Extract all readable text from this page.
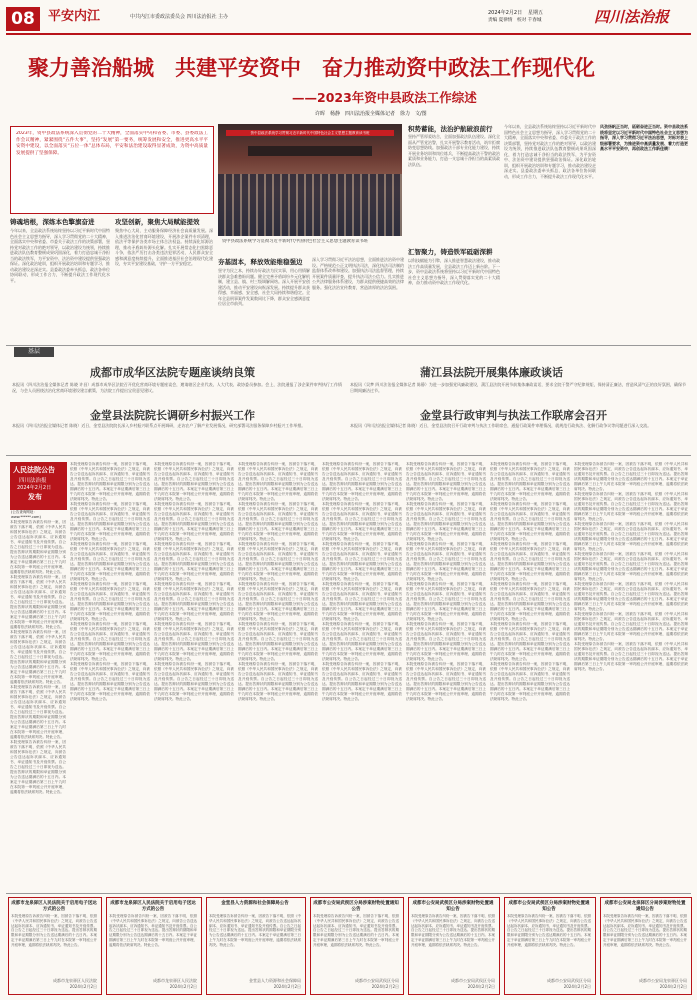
08	平安内江	中共内江市委政法委员会 四川法治报社 主办
2024年2月2日 星期五
责编 夏律情　校对 千春城	四川法治报
聚力善治船城　共建平安资中　奋力推动资中政法工作现代化
——2023年资中县政法工作综述
许晖　杨静　四川法治报全媒体记者　徐力　文/图
2023年，资中县政法系统深入贯彻党的二十大精神，全面落实中央和省委、市委、县委政法工作会议精神，紧紧围绕“五件大事”，坚持“发展”第一要务，统筹发展和安全，推进更高水平平安资中建设，以全面落实“五位一体”总体布局，平安和法治建设取得显著成效，为资中高质量发展提供了坚强保障。
资中县政法系统学习贯彻习近平新时代中国特色社会主义思想主题教育读书班
资中县政法系统学习贯彻习近平新时代中国特色社会主义思想主题教育读书班
铸魂培根，深练本色擎旗奋进
今年以来，全县政法系统始终坚持以习近平新时代中国特色社会主义思想为指导，深入学习贯彻党的二十大精神，全面落实中央和省委、市委关于政法工作的决策部署，坚持党对政法工作的绝对领导，以政治建设为统领，持续推进政法队伍教育整顿成果巩固深化，着力打造忠诚干净担当的政法铁军，为平安资中、法治资中建设提供坚强政治保证。深化政治轮训，组织开展政治培训和专题学习，推动政治建设走深走实。县委政法委牵头抓总，政法各单位协同联动，形成工作合力，不断提升政法工作现代化水平。
攻坚创新，聚焦大局赋能提效
聚焦中心大局，主动服务保障经济社会高质量发展。深入推进法治化营商环境建设，开展涉企案件专项清理，依法平等保护各类市场主体合法权益。持续深化诉源治理，推动矛盾纠纷源头化解。扎实开展常态化扫黑除恶斗争，依法严厉打击各类违法犯罪活动，人民群众安全感和满意度持续提升。全面推进基层社会治理现代化建设，夯实平安建设基础，守护一方平安稳定。	夯基固本，释放效能维稳强边
坚守为民之本，持续办好政法为民实事，用心用情解决群众急难愁盼问题。健全完善矛盾纠纷多元化解机制，建立县、镇、村三级调解网络。深入开展平安创建活动，推动平安建设向纵深发展。持续提升群众获得感、幸福感、安全感，社会大局持续和谐稳定。全年全县刑事案件发案数同比下降，群众安全感满意度位居全市前列。
深入学习贯彻习近平法治思想，全面推进法治资中建设。严格规范公正文明执法司法，深化执法司法制约监督体系改革和建设。加强执法司法监督管理，持续开展案件质量评查，提升执法司法公信力。扎实推进公共法律服务体系建设，为群众提供便捷高效的法律服务。强化法治宣传教育，营造浓厚的法治氛围。
积势蓄能，法治护航破浪前行
坚持严管厚爱结合，全面加强政法队伍建设。深化全面从严管党治警，扎实开展警示教育活动，筑牢拒腐防变思想防线。加强政法干部专业化能力建设，持续开展业务培训和岗位练兵，不断提高政法干警的政治素质和业务能力，打造一支忠诚干净担当的高素质政法队伍。
汇智聚力，铸造铁军砥砺深耕
以科技赋能为引擎，深入推进智慧政法建设，推动政法工作高质量发展，全县政法工作迈上新台阶。下一步，资中县政法系统将坚持以习近平新时代中国特色社会主义思想为指导，深入贯彻落实党的二十大精神，奋力推动资中政法工作现代化。
今年以来，全县政法系统始终坚持以习近平新时代中国特色社会主义思想为指导，深入学习贯彻党的二十大精神，全面落实中央和省委、市委关于政法工作的决策部署，坚持党对政法工作的绝对领导，以政治建设为统领，持续推进政法队伍教育整顿成果巩固深化，着力打造忠诚干净担当的政法铁军，为平安资中、法治资中建设提供坚强政治保证。深化政治轮训，组织开展政治培训和专题学习，推动政治建设走深走实。县委政法委牵头抓总，政法各单位协同联动，形成工作合力，不断提升政法工作现代化水平。
风劲扬帆正当时，砥砺奋进正当时。资中县政法系统将坚定以习近平新时代中国特色社会主义思想为指导，深入学习贯彻习近平法治思想，对标对表上级部署要求，为推进资中高质量发展、着力打造更高水平平安资中，再创政法工作新佳绩！
基层
成都市成华区法院专题座谈纳良策
本报讯（四川法治报全媒体记者 陈晓 许昌）成都市成华区法院召开优化营商环境专题座谈会，邀请辖区企业代表、人大代表、政协委员参加。会上，法院通报了涉企案件审判执行工作情况，与会人员围绕法治化营商环境建设建言献策，为法院工作提出宝贵意见建议。
蒲江县法院开展集体廉政谈话
本报讯（吴梦 四川法治报全媒体记者 陈静）为进一步加强党风廉政建设，蒲江县法院开展节前集体廉政谈话，要求全院干警严守纪律规矩，保持清正廉洁，营造风清气正的良好氛围，确保节日期间廉洁过节。
金堂县法院院长调研乡村振兴工作
本报讯（四川法治报全媒体记者 陈晓）近日，金堂县法院院长深入乡村振兴联系点开展调研，走访农户了解产业发展情况，研究部署司法服务保障乡村振兴工作举措。
金堂县行政审判与执法工作联席会召开
本报讯（四川法治报全媒体记者 陈晓）近日，金堂县法院召开行政审判与执法工作联席会，通报行政案件审理情况，就规范行政执法、化解行政争议等问题进行深入交流。
人民法院公告
四川法治报
2024年2月2日
发布
(公告查询网址：www.******.com)
本院受理原告诉被告纠纷一案，因被告下落不明，依照《中华人民共和国民事诉讼法》之规定，向被告公告送达起诉状副本、应诉通知书、举证通知书及开庭传票。自公告之日起经过三十日即视为送达。提出答辩状的期限和举证期限分别为公告送达期满后的十五日内。本案定于举证期满后第三日上午九时在本院第一审判庭公开开庭审理，逾期将依法缺席判决。特此公告。
本院受理原告诉被告纠纷一案，因被告下落不明，依照《中华人民共和国民事诉讼法》之规定，向被告公告送达起诉状副本、应诉通知书、举证通知书及开庭传票。自公告之日起经过三十日即视为送达。提出答辩状的期限和举证期限分别为公告送达期满后的十五日内。本案定于举证期满后第三日上午九时在本院第一审判庭公开开庭审理，逾期将依法缺席判决。特此公告。
本院受理原告诉被告纠纷一案，因被告下落不明，依照《中华人民共和国民事诉讼法》之规定，向被告公告送达起诉状副本、应诉通知书、举证通知书及开庭传票。自公告之日起经过三十日即视为送达。提出答辩状的期限和举证期限分别为公告送达期满后的十五日内。本案定于举证期满后第三日上午九时在本院第一审判庭公开开庭审理，逾期将依法缺席判决。特此公告。
本院受理原告诉被告纠纷一案，因被告下落不明，依照《中华人民共和国民事诉讼法》之规定，向被告公告送达起诉状副本、应诉通知书、举证通知书及开庭传票。自公告之日起经过三十日即视为送达。提出答辩状的期限和举证期限分别为公告送达期满后的十五日内。本案定于举证期满后第三日上午九时在本院第一审判庭公开开庭审理，逾期将依法缺席判决。特此公告。
本院受理原告诉被告纠纷一案，因被告下落不明，依照《中华人民共和国民事诉讼法》之规定，向被告公告送达起诉状副本、应诉通知书、举证通知书及开庭传票。自公告之日起经过三十日即视为送达。提出答辩状的期限和举证期限分别为公告送达期满后的十五日内。本案定于举证期满后第三日上午九时在本院第一审判庭公开开庭审理，逾期将依法缺席判决。特此公告。
本院受理原告诉被告纠纷一案，因被告下落不明，依照《中华人民共和国民事诉讼法》之规定，向被告公告送达起诉状副本、应诉通知书、举证通知书及开庭传票。自公告之日起经过三十日即视为送达。提出答辩状的期限和举证期限分别为公告送达期满后的十五日内。本案定于举证期满后第三日上午九时在本院第一审判庭公开开庭审理，逾期将依法缺席判决。特此公告。
本院受理原告诉被告纠纷一案，因被告下落不明，依照《中华人民共和国民事诉讼法》之规定，向被告公告送达起诉状副本、应诉通知书、举证通知书及开庭传票。自公告之日起经过三十日即视为送达。提出答辩状的期限和举证期限分别为公告送达期满后的十五日内。本案定于举证期满后第三日上午九时在本院第一审判庭公开开庭审理，逾期将依法缺席判决。特此公告。
本院受理原告诉被告纠纷一案，因被告下落不明，依照《中华人民共和国民事诉讼法》之规定，向被告公告送达起诉状副本、应诉通知书、举证通知书及开庭传票。自公告之日起经过三十日即视为送达。提出答辩状的期限和举证期限分别为公告送达期满后的十五日内。本案定于举证期满后第三日上午九时在本院第一审判庭公开开庭审理，逾期将依法缺席判决。特此公告。
本院受理原告诉被告纠纷一案，因被告下落不明，依照《中华人民共和国民事诉讼法》之规定，向被告公告送达起诉状副本、应诉通知书、举证通知书及开庭传票。自公告之日起经过三十日即视为送达。提出答辩状的期限和举证期限分别为公告送达期满后的十五日内。本案定于举证期满后第三日上午九时在本院第一审判庭公开开庭审理，逾期将依法缺席判决。特此公告。
本院受理原告诉被告纠纷一案，因被告下落不明，依照《中华人民共和国民事诉讼法》之规定，向被告公告送达起诉状副本、应诉通知书、举证通知书及开庭传票。自公告之日起经过三十日即视为送达。提出答辩状的期限和举证期限分别为公告送达期满后的十五日内。本案定于举证期满后第三日上午九时在本院第一审判庭公开开庭审理，逾期将依法缺席判决。特此公告。
本院受理原告诉被告纠纷一案，因被告下落不明，依照《中华人民共和国民事诉讼法》之规定，向被告公告送达起诉状副本、应诉通知书、举证通知书及开庭传票。自公告之日起经过三十日即视为送达。提出答辩状的期限和举证期限分别为公告送达期满后的十五日内。本案定于举证期满后第三日上午九时在本院第一审判庭公开开庭审理，逾期将依法缺席判决。特此公告。
本院受理原告诉被告纠纷一案，因被告下落不明，依照《中华人民共和国民事诉讼法》之规定，向被告公告送达起诉状副本、应诉通知书、举证通知书及开庭传票。自公告之日起经过三十日即视为送达。提出答辩状的期限和举证期限分别为公告送达期满后的十五日内。本案定于举证期满后第三日上午九时在本院第一审判庭公开开庭审理，逾期将依法缺席判决。特此公告。
本院受理原告诉被告纠纷一案，因被告下落不明，依照《中华人民共和国民事诉讼法》之规定，向被告公告送达起诉状副本、应诉通知书、举证通知书及开庭传票。自公告之日起经过三十日即视为送达。提出答辩状的期限和举证期限分别为公告送达期满后的十五日内。本案定于举证期满后第三日上午九时在本院第一审判庭公开开庭审理，逾期将依法缺席判决。特此公告。
本院受理原告诉被告纠纷一案，因被告下落不明，依照《中华人民共和国民事诉讼法》之规定，向被告公告送达起诉状副本、应诉通知书、举证通知书及开庭传票。自公告之日起经过三十日即视为送达。提出答辩状的期限和举证期限分别为公告送达期满后的十五日内。本案定于举证期满后第三日上午九时在本院第一审判庭公开开庭审理，逾期将依法缺席判决。特此公告。
本院受理原告诉被告纠纷一案，因被告下落不明，依照《中华人民共和国民事诉讼法》之规定，向被告公告送达起诉状副本、应诉通知书、举证通知书及开庭传票。自公告之日起经过三十日即视为送达。提出答辩状的期限和举证期限分别为公告送达期满后的十五日内。本案定于举证期满后第三日上午九时在本院第一审判庭公开开庭审理，逾期将依法缺席判决。特此公告。
本院受理原告诉被告纠纷一案，因被告下落不明，依照《中华人民共和国民事诉讼法》之规定，向被告公告送达起诉状副本、应诉通知书、举证通知书及开庭传票。自公告之日起经过三十日即视为送达。提出答辩状的期限和举证期限分别为公告送达期满后的十五日内。本案定于举证期满后第三日上午九时在本院第一审判庭公开开庭审理，逾期将依法缺席判决。特此公告。
本院受理原告诉被告纠纷一案，因被告下落不明，依照《中华人民共和国民事诉讼法》之规定，向被告公告送达起诉状副本、应诉通知书、举证通知书及开庭传票。自公告之日起经过三十日即视为送达。提出答辩状的期限和举证期限分别为公告送达期满后的十五日内。本案定于举证期满后第三日上午九时在本院第一审判庭公开开庭审理，逾期将依法缺席判决。特此公告。
本院受理原告诉被告纠纷一案，因被告下落不明，依照《中华人民共和国民事诉讼法》之规定，向被告公告送达起诉状副本、应诉通知书、举证通知书及开庭传票。自公告之日起经过三十日即视为送达。提出答辩状的期限和举证期限分别为公告送达期满后的十五日内。本案定于举证期满后第三日上午九时在本院第一审判庭公开开庭审理，逾期将依法缺席判决。特此公告。
本院受理原告诉被告纠纷一案，因被告下落不明，依照《中华人民共和国民事诉讼法》之规定，向被告公告送达起诉状副本、应诉通知书、举证通知书及开庭传票。自公告之日起经过三十日即视为送达。提出答辩状的期限和举证期限分别为公告送达期满后的十五日内。本案定于举证期满后第三日上午九时在本院第一审判庭公开开庭审理，逾期将依法缺席判决。特此公告。
本院受理原告诉被告纠纷一案，因被告下落不明，依照《中华人民共和国民事诉讼法》之规定，向被告公告送达起诉状副本、应诉通知书、举证通知书及开庭传票。自公告之日起经过三十日即视为送达。提出答辩状的期限和举证期限分别为公告送达期满后的十五日内。本案定于举证期满后第三日上午九时在本院第一审判庭公开开庭审理，逾期将依法缺席判决。特此公告。
本院受理原告诉被告纠纷一案，因被告下落不明，依照《中华人民共和国民事诉讼法》之规定，向被告公告送达起诉状副本、应诉通知书、举证通知书及开庭传票。自公告之日起经过三十日即视为送达。提出答辩状的期限和举证期限分别为公告送达期满后的十五日内。本案定于举证期满后第三日上午九时在本院第一审判庭公开开庭审理，逾期将依法缺席判决。特此公告。
本院受理原告诉被告纠纷一案，因被告下落不明，依照《中华人民共和国民事诉讼法》之规定，向被告公告送达起诉状副本、应诉通知书、举证通知书及开庭传票。自公告之日起经过三十日即视为送达。提出答辩状的期限和举证期限分别为公告送达期满后的十五日内。本案定于举证期满后第三日上午九时在本院第一审判庭公开开庭审理，逾期将依法缺席判决。特此公告。
本院受理原告诉被告纠纷一案，因被告下落不明，依照《中华人民共和国民事诉讼法》之规定，向被告公告送达起诉状副本、应诉通知书、举证通知书及开庭传票。自公告之日起经过三十日即视为送达。提出答辩状的期限和举证期限分别为公告送达期满后的十五日内。本案定于举证期满后第三日上午九时在本院第一审判庭公开开庭审理，逾期将依法缺席判决。特此公告。
本院受理原告诉被告纠纷一案，因被告下落不明，依照《中华人民共和国民事诉讼法》之规定，向被告公告送达起诉状副本、应诉通知书、举证通知书及开庭传票。自公告之日起经过三十日即视为送达。提出答辩状的期限和举证期限分别为公告送达期满后的十五日内。本案定于举证期满后第三日上午九时在本院第一审判庭公开开庭审理，逾期将依法缺席判决。特此公告。
本院受理原告诉被告纠纷一案，因被告下落不明，依照《中华人民共和国民事诉讼法》之规定，向被告公告送达起诉状副本、应诉通知书、举证通知书及开庭传票。自公告之日起经过三十日即视为送达。提出答辩状的期限和举证期限分别为公告送达期满后的十五日内。本案定于举证期满后第三日上午九时在本院第一审判庭公开开庭审理，逾期将依法缺席判决。特此公告。
本院受理原告诉被告纠纷一案，因被告下落不明，依照《中华人民共和国民事诉讼法》之规定，向被告公告送达起诉状副本、应诉通知书、举证通知书及开庭传票。自公告之日起经过三十日即视为送达。提出答辩状的期限和举证期限分别为公告送达期满后的十五日内。本案定于举证期满后第三日上午九时在本院第一审判庭公开开庭审理，逾期将依法缺席判决。特此公告。
本院受理原告诉被告纠纷一案，因被告下落不明，依照《中华人民共和国民事诉讼法》之规定，向被告公告送达起诉状副本、应诉通知书、举证通知书及开庭传票。自公告之日起经过三十日即视为送达。提出答辩状的期限和举证期限分别为公告送达期满后的十五日内。本案定于举证期满后第三日上午九时在本院第一审判庭公开开庭审理，逾期将依法缺席判决。特此公告。
本院受理原告诉被告纠纷一案，因被告下落不明，依照《中华人民共和国民事诉讼法》之规定，向被告公告送达起诉状副本、应诉通知书、举证通知书及开庭传票。自公告之日起经过三十日即视为送达。提出答辩状的期限和举证期限分别为公告送达期满后的十五日内。本案定于举证期满后第三日上午九时在本院第一审判庭公开开庭审理，逾期将依法缺席判决。特此公告。
本院受理原告诉被告纠纷一案，因被告下落不明，依照《中华人民共和国民事诉讼法》之规定，向被告公告送达起诉状副本、应诉通知书、举证通知书及开庭传票。自公告之日起经过三十日即视为送达。提出答辩状的期限和举证期限分别为公告送达期满后的十五日内。本案定于举证期满后第三日上午九时在本院第一审判庭公开开庭审理，逾期将依法缺席判决。特此公告。
本院受理原告诉被告纠纷一案，因被告下落不明，依照《中华人民共和国民事诉讼法》之规定，向被告公告送达起诉状副本、应诉通知书、举证通知书及开庭传票。自公告之日起经过三十日即视为送达。提出答辩状的期限和举证期限分别为公告送达期满后的十五日内。本案定于举证期满后第三日上午九时在本院第一审判庭公开开庭审理，逾期将依法缺席判决。特此公告。
本院受理原告诉被告纠纷一案，因被告下落不明，依照《中华人民共和国民事诉讼法》之规定，向被告公告送达起诉状副本、应诉通知书、举证通知书及开庭传票。自公告之日起经过三十日即视为送达。提出答辩状的期限和举证期限分别为公告送达期满后的十五日内。本案定于举证期满后第三日上午九时在本院第一审判庭公开开庭审理，逾期将依法缺席判决。特此公告。
本院受理原告诉被告纠纷一案，因被告下落不明，依照《中华人民共和国民事诉讼法》之规定，向被告公告送达起诉状副本、应诉通知书、举证通知书及开庭传票。自公告之日起经过三十日即视为送达。提出答辩状的期限和举证期限分别为公告送达期满后的十五日内。本案定于举证期满后第三日上午九时在本院第一审判庭公开开庭审理，逾期将依法缺席判决。特此公告。
本院受理原告诉被告纠纷一案，因被告下落不明，依照《中华人民共和国民事诉讼法》之规定，向被告公告送达起诉状副本、应诉通知书、举证通知书及开庭传票。自公告之日起经过三十日即视为送达。提出答辩状的期限和举证期限分别为公告送达期满后的十五日内。本案定于举证期满后第三日上午九时在本院第一审判庭公开开庭审理，逾期将依法缺席判决。特此公告。
本院受理原告诉被告纠纷一案，因被告下落不明，依照《中华人民共和国民事诉讼法》之规定，向被告公告送达起诉状副本、应诉通知书、举证通知书及开庭传票。自公告之日起经过三十日即视为送达。提出答辩状的期限和举证期限分别为公告送达期满后的十五日内。本案定于举证期满后第三日上午九时在本院第一审判庭公开开庭审理，逾期将依法缺席判决。特此公告。
本院受理原告诉被告纠纷一案，因被告下落不明，依照《中华人民共和国民事诉讼法》之规定，向被告公告送达起诉状副本、应诉通知书、举证通知书及开庭传票。自公告之日起经过三十日即视为送达。提出答辩状的期限和举证期限分别为公告送达期满后的十五日内。本案定于举证期满后第三日上午九时在本院第一审判庭公开开庭审理，逾期将依法缺席判决。特此公告。
本院受理原告诉被告纠纷一案，因被告下落不明，依照《中华人民共和国民事诉讼法》之规定，向被告公告送达起诉状副本、应诉通知书、举证通知书及开庭传票。自公告之日起经过三十日即视为送达。提出答辩状的期限和举证期限分别为公告送达期满后的十五日内。本案定于举证期满后第三日上午九时在本院第一审判庭公开开庭审理，逾期将依法缺席判决。特此公告。
本院受理原告诉被告纠纷一案，因被告下落不明，依照《中华人民共和国民事诉讼法》之规定，向被告公告送达起诉状副本、应诉通知书、举证通知书及开庭传票。自公告之日起经过三十日即视为送达。提出答辩状的期限和举证期限分别为公告送达期满后的十五日内。本案定于举证期满后第三日上午九时在本院第一审判庭公开开庭审理，逾期将依法缺席判决。特此公告。
本院受理原告诉被告纠纷一案，因被告下落不明，依照《中华人民共和国民事诉讼法》之规定，向被告公告送达起诉状副本、应诉通知书、举证通知书及开庭传票。自公告之日起经过三十日即视为送达。提出答辩状的期限和举证期限分别为公告送达期满后的十五日内。本案定于举证期满后第三日上午九时在本院第一审判庭公开开庭审理，逾期将依法缺席判决。特此公告。
本院受理原告诉被告纠纷一案，因被告下落不明，依照《中华人民共和国民事诉讼法》之规定，向被告公告送达起诉状副本、应诉通知书、举证通知书及开庭传票。自公告之日起经过三十日即视为送达。提出答辩状的期限和举证期限分别为公告送达期满后的十五日内。本案定于举证期满后第三日上午九时在本院第一审判庭公开开庭审理，逾期将依法缺席判决。特此公告。
本院受理原告诉被告纠纷一案，因被告下落不明，依照《中华人民共和国民事诉讼法》之规定，向被告公告送达起诉状副本、应诉通知书、举证通知书及开庭传票。自公告之日起经过三十日即视为送达。提出答辩状的期限和举证期限分别为公告送达期满后的十五日内。本案定于举证期满后第三日上午九时在本院第一审判庭公开开庭审理，逾期将依法缺席判决。特此公告。
本院受理原告诉被告纠纷一案，因被告下落不明，依照《中华人民共和国民事诉讼法》之规定，向被告公告送达起诉状副本、应诉通知书、举证通知书及开庭传票。自公告之日起经过三十日即视为送达。提出答辩状的期限和举证期限分别为公告送达期满后的十五日内。本案定于举证期满后第三日上午九时在本院第一审判庭公开开庭审理，逾期将依法缺席判决。特此公告。
本院受理原告诉被告纠纷一案，因被告下落不明，依照《中华人民共和国民事诉讼法》之规定，向被告公告送达起诉状副本、应诉通知书、举证通知书及开庭传票。自公告之日起经过三十日即视为送达。提出答辩状的期限和举证期限分别为公告送达期满后的十五日内。本案定于举证期满后第三日上午九时在本院第一审判庭公开开庭审理，逾期将依法缺席判决。特此公告。
本院受理原告诉被告纠纷一案，因被告下落不明，依照《中华人民共和国民事诉讼法》之规定，向被告公告送达起诉状副本、应诉通知书、举证通知书及开庭传票。自公告之日起经过三十日即视为送达。提出答辩状的期限和举证期限分别为公告送达期满后的十五日内。本案定于举证期满后第三日上午九时在本院第一审判庭公开开庭审理，逾期将依法缺席判决。特此公告。
本院受理原告诉被告纠纷一案，因被告下落不明，依照《中华人民共和国民事诉讼法》之规定，向被告公告送达起诉状副本、应诉通知书、举证通知书及开庭传票。自公告之日起经过三十日即视为送达。提出答辩状的期限和举证期限分别为公告送达期满后的十五日内。本案定于举证期满后第三日上午九时在本院第一审判庭公开开庭审理，逾期将依法缺席判决。特此公告。
本院受理原告诉被告纠纷一案，因被告下落不明，依照《中华人民共和国民事诉讼法》之规定，向被告公告送达起诉状副本、应诉通知书、举证通知书及开庭传票。自公告之日起经过三十日即视为送达。提出答辩状的期限和举证期限分别为公告送达期满后的十五日内。本案定于举证期满后第三日上午九时在本院第一审判庭公开开庭审理，逾期将依法缺席判决。特此公告。
本院受理原告诉被告纠纷一案，因被告下落不明，依照《中华人民共和国民事诉讼法》之规定，向被告公告送达起诉状副本、应诉通知书、举证通知书及开庭传票。自公告之日起经过三十日即视为送达。提出答辩状的期限和举证期限分别为公告送达期满后的十五日内。本案定于举证期满后第三日上午九时在本院第一审判庭公开开庭审理，逾期将依法缺席判决。特此公告。
本院受理原告诉被告纠纷一案，因被告下落不明，依照《中华人民共和国民事诉讼法》之规定，向被告公告送达起诉状副本、应诉通知书、举证通知书及开庭传票。自公告之日起经过三十日即视为送达。提出答辩状的期限和举证期限分别为公告送达期满后的十五日内。本案定于举证期满后第三日上午九时在本院第一审判庭公开开庭审理，逾期将依法缺席判决。特此公告。
本院受理原告诉被告纠纷一案，因被告下落不明，依照《中华人民共和国民事诉讼法》之规定，向被告公告送达起诉状副本、应诉通知书、举证通知书及开庭传票。自公告之日起经过三十日即视为送达。提出答辩状的期限和举证期限分别为公告送达期满后的十五日内。本案定于举证期满后第三日上午九时在本院第一审判庭公开开庭审理，逾期将依法缺席判决。特此公告。
成都市龙泉驿区人民法院关于启用电子送达方式的公告
本院受理原告诉被告纠纷一案，因被告下落不明，依照《中华人民共和国民事诉讼法》之规定，向被告公告送达起诉状副本、应诉通知书、举证通知书及开庭传票。自公告之日起经过三十日即视为送达。提出答辩状的期限和举证期限分别为公告送达期满后的十五日内。本案定于举证期满后第三日上午九时在本院第一审判庭公开开庭审理，逾期将依法缺席判决。特此公告。
成都市龙泉驿区人民法院
2024年2月2日
成都市龙泉驿区人民法院关于启用电子送达方式的公告
本院受理原告诉被告纠纷一案，因被告下落不明，依照《中华人民共和国民事诉讼法》之规定，向被告公告送达起诉状副本、应诉通知书、举证通知书及开庭传票。自公告之日起经过三十日即视为送达。提出答辩状的期限和举证期限分别为公告送达期满后的十五日内。本案定于举证期满后第三日上午九时在本院第一审判庭公开开庭审理，逾期将依法缺席判决。特此公告。
成都市龙泉驿区人民法院
2024年2月2日
金堂县人力资源和社会保障局公告
本院受理原告诉被告纠纷一案，因被告下落不明，依照《中华人民共和国民事诉讼法》之规定，向被告公告送达起诉状副本、应诉通知书、举证通知书及开庭传票。自公告之日起经过三十日即视为送达。提出答辩状的期限和举证期限分别为公告送达期满后的十五日内。本案定于举证期满后第三日上午九时在本院第一审判庭公开开庭审理，逾期将依法缺席判决。特此公告。
金堂县人力资源和社会保障局
2024年2月2日
成都市公安局武侯区分局涉案财物处置通知公告
本院受理原告诉被告纠纷一案，因被告下落不明，依照《中华人民共和国民事诉讼法》之规定，向被告公告送达起诉状副本、应诉通知书、举证通知书及开庭传票。自公告之日起经过三十日即视为送达。提出答辩状的期限和举证期限分别为公告送达期满后的十五日内。本案定于举证期满后第三日上午九时在本院第一审判庭公开开庭审理，逾期将依法缺席判决。特此公告。
成都市公安局武侯区分局
2024年2月2日
成都市公安局武侯区分局涉案财物处置通知公告
本院受理原告诉被告纠纷一案，因被告下落不明，依照《中华人民共和国民事诉讼法》之规定，向被告公告送达起诉状副本、应诉通知书、举证通知书及开庭传票。自公告之日起经过三十日即视为送达。提出答辩状的期限和举证期限分别为公告送达期满后的十五日内。本案定于举证期满后第三日上午九时在本院第一审判庭公开开庭审理，逾期将依法缺席判决。特此公告。
成都市公安局武侯区分局
2024年2月2日
成都市公安局武侯区分局涉案财物处置通知公告
本院受理原告诉被告纠纷一案，因被告下落不明，依照《中华人民共和国民事诉讼法》之规定，向被告公告送达起诉状副本、应诉通知书、举证通知书及开庭传票。自公告之日起经过三十日即视为送达。提出答辩状的期限和举证期限分别为公告送达期满后的十五日内。本案定于举证期满后第三日上午九时在本院第一审判庭公开开庭审理，逾期将依法缺席判决。特此公告。
成都市公安局武侯区分局
2024年2月2日
成都市公安局龙泉驿区分局涉案财物处置通知公告
本院受理原告诉被告纠纷一案，因被告下落不明，依照《中华人民共和国民事诉讼法》之规定，向被告公告送达起诉状副本、应诉通知书、举证通知书及开庭传票。自公告之日起经过三十日即视为送达。提出答辩状的期限和举证期限分别为公告送达期满后的十五日内。本案定于举证期满后第三日上午九时在本院第一审判庭公开开庭审理，逾期将依法缺席判决。特此公告。
成都市公安局龙泉驿区分局
2024年2月2日
